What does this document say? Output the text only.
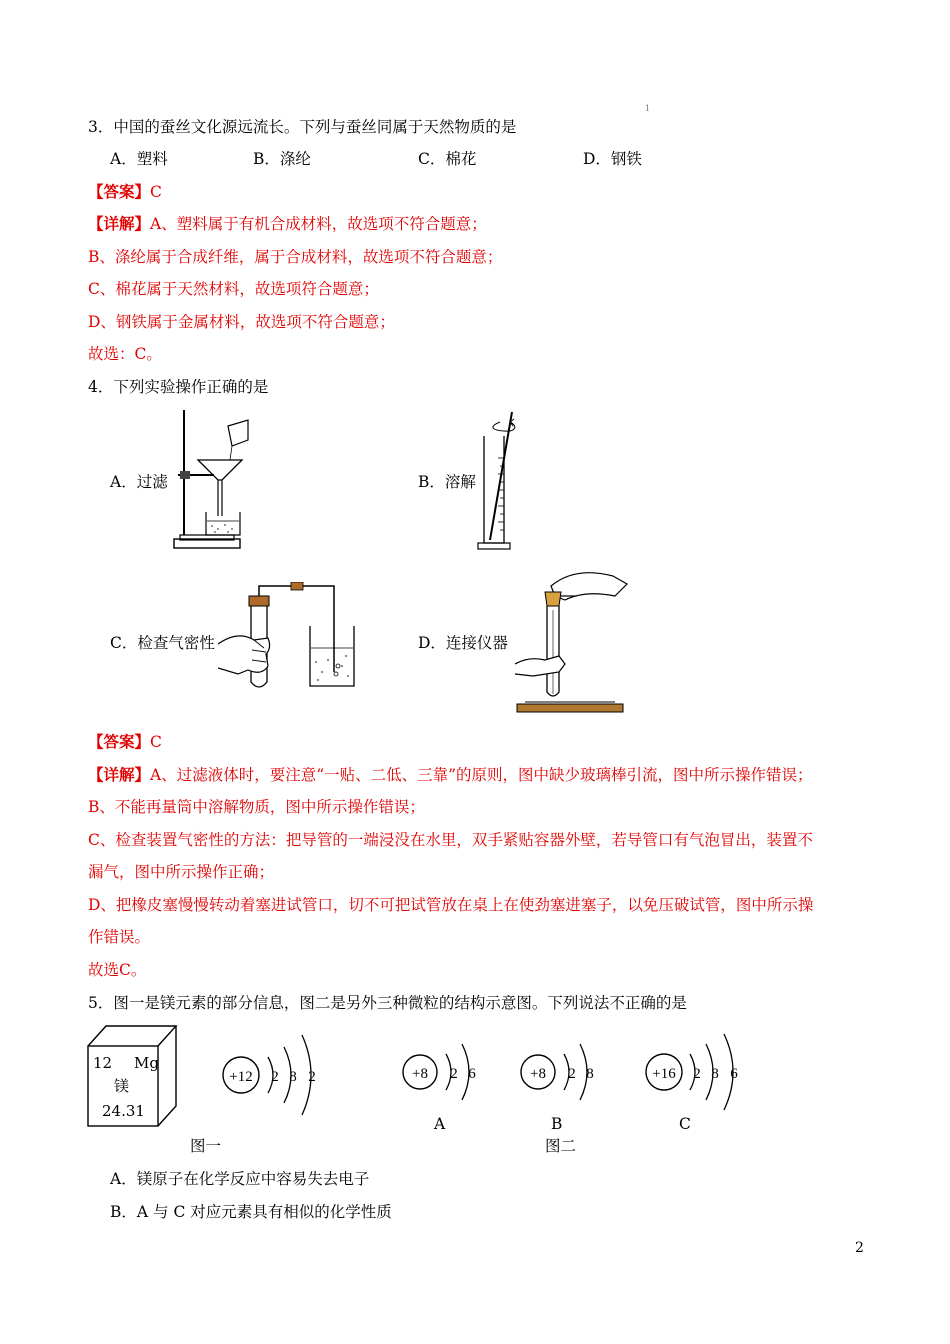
1
3．中国的蚕丝文化源远流长。下列与蚕丝同属于天然物质的是
A．塑料	B．涤纶	C．棉花	D．钢铁
【答案】C
【详解】A、塑料属于有机合成材料，故选项不符合题意；
B、涤纶属于合成纤维，属于合成材料，故选项不符合题意；
C、棉花属于天然材料，故选项符合题意；
D、钢铁属于金属材料，故选项不符合题意；
故选：C。
4．下列实验操作正确的是
A．过滤	B．溶解
C．检查气密性	D．连接仪器
【答案】C
【详解】A、过滤液体时，要注意“一贴、二低、三靠”的原则，图中缺少玻璃棒引流，图中所示操作错误；
B、不能再量筒中溶解物质，图中所示操作错误；
C、检查装置气密性的方法：把导管的一端浸没在水里，双手紧贴容器外壁，若导管口有气泡冒出，装置不
漏气，图中所示操作正确；
D、把橡皮塞慢慢转动着塞进试管口，切不可把试管放在桌上在使劲塞进塞子，以免压破试管，图中所示操
作错误。
故选C。
5．图一是镁元素的部分信息，图二是另外三种微粒的结构示意图。下列说法不正确的是
12 Mg
镁
24.31
+12 2 8 2
图一
+8 2 6
A
+8 2 8
B
图二
+16 2 8 6
C
A．镁原子在化学反应中容易失去电子
B．A 与 C 对应元素具有相似的化学性质
2
